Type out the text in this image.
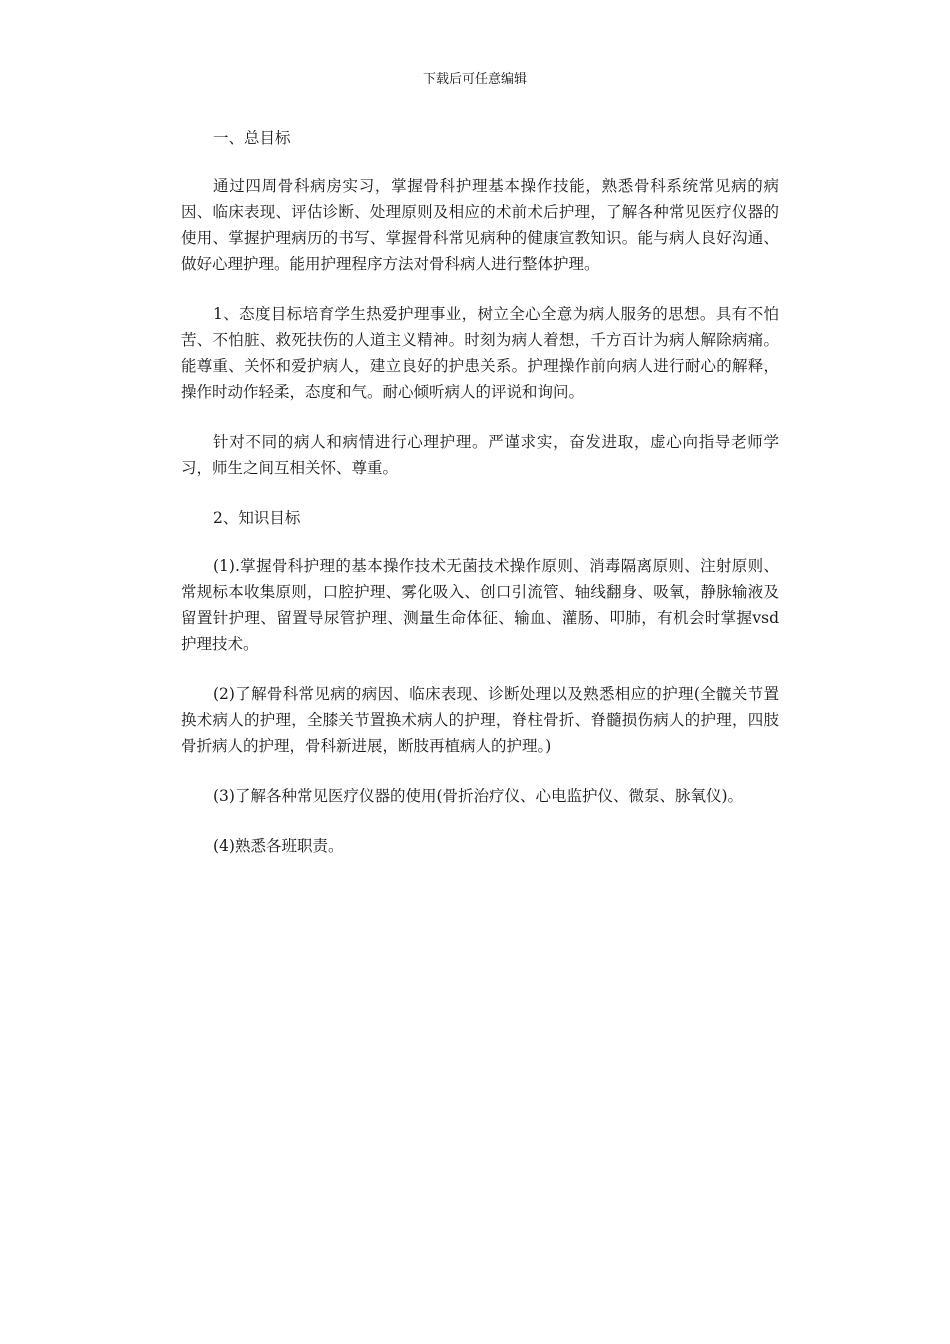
下载后可任意编辑

一、总目标

通过四周骨科病房实习，掌握骨科护理基本操作技能，熟悉骨科系统常见病的病因、临床表现、评估诊断、处理原则及相应的术前术后护理，了解各种常见医疗仪器的使用、掌握护理病历的书写、掌握骨科常见病种的健康宣教知识。能与病人良好沟通、做好心理护理。能用护理程序方法对骨科病人进行整体护理。

1、态度目标培育学生热爱护理事业，树立全心全意为病人服务的思想。具有不怕苦、不怕脏、救死扶伤的人道主义精神。时刻为病人着想，千方百计为病人解除病痛。能尊重、关怀和爱护病人，建立良好的护患关系。护理操作前向病人进行耐心的解释，操作时动作轻柔，态度和气。耐心倾听病人的评说和询问。

针对不同的病人和病情进行心理护理。严谨求实，奋发进取，虚心向指导老师学习，师生之间互相关怀、尊重。

2、知识目标

(1).掌握骨科护理的基本操作技术无菌技术操作原则、消毒隔离原则、注射原则、常规标本收集原则，口腔护理、雾化吸入、创口引流管、轴线翻身、吸氧，静脉输液及留置针护理、留置导尿管护理、测量生命体征、输血、灌肠、叩肺，有机会时掌握vsd护理技术。

(2)了解骨科常见病的病因、临床表现、诊断处理以及熟悉相应的护理(全髋关节置换术病人的护理，全膝关节置换术病人的护理，脊柱骨折、脊髓损伤病人的护理，四肢骨折病人的护理，骨科新进展，断肢再植病人的护理。)

(3)了解各种常见医疗仪器的使用(骨折治疗仪、心电监护仪、微泵、脉氧仪)。

(4)熟悉各班职责。
